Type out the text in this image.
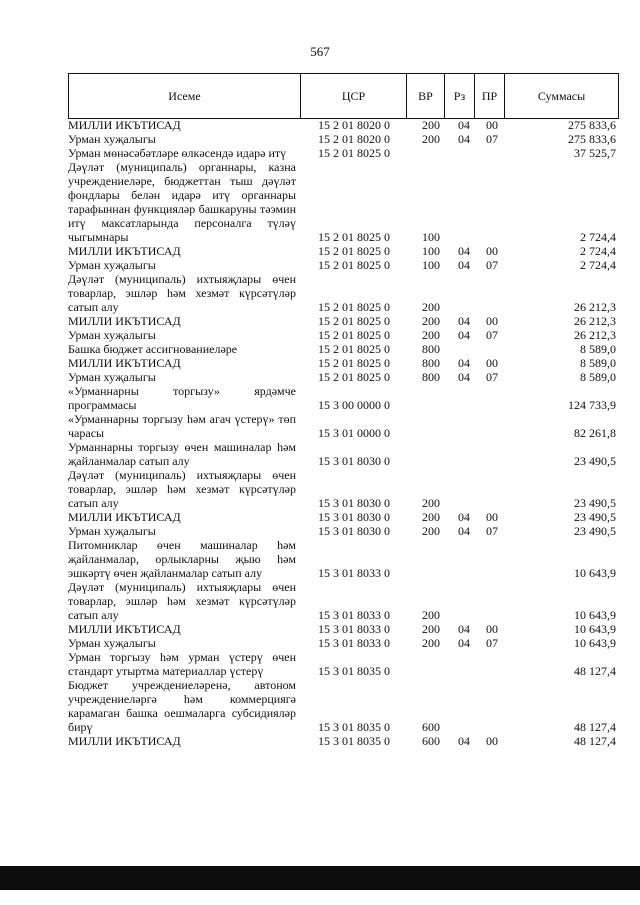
567
Исеме	ЦСР	ВР	Рз	ПР	Суммасы
МИЛЛИ ИКЪТИСАД	15 2 01 8020 0	200	04	00	275 833,6
Урман хуҗалыгы	15 2 01 8020 0	200	04	07	275 833,6
Урман мөнәсәбәтләре өлкәсендә идарә итү	15 2 01 8025 0				37 525,7
Дәүләт (муниципаль) органнары, казна учреждениеләре, бюджеттан тыш дәүләт фондлары белән идарә итү органнары тарафыннан функцияләр башкаруны тәэмин итү максатларында персоналга түләү чыгымнары	15 2 01 8025 0	100			2 724,4
МИЛЛИ ИКЪТИСАД	15 2 01 8025 0	100	04	00	2 724,4
Урман хуҗалыгы	15 2 01 8025 0	100	04	07	2 724,4
Дәүләт (муниципаль) ихтыяҗлары өчен товарлар, эшләр һәм хезмәт күрсәтүләр сатып алу	15 2 01 8025 0	200			26 212,3
МИЛЛИ ИКЪТИСАД	15 2 01 8025 0	200	04	00	26 212,3
Урман хуҗалыгы	15 2 01 8025 0	200	04	07	26 212,3
Башка бюджет ассигнованиеләре	15 2 01 8025 0	800			8 589,0
МИЛЛИ ИКЪТИСАД	15 2 01 8025 0	800	04	00	8 589,0
Урман хуҗалыгы	15 2 01 8025 0	800	04	07	8 589,0
«Урманнарны торгызу» ярдәмче программасы	15 3 00 0000 0				124 733,9
«Урманнарны торгызу һәм агач үстерү» төп чарасы	15 3 01 0000 0				82 261,8
Урманнарны торгызу өчен машиналар һәм җайланмалар сатып алу	15 3 01 8030 0				23 490,5
Дәүләт (муниципаль) ихтыяҗлары өчен товарлар, эшләр һәм хезмәт күрсәтүләр сатып алу	15 3 01 8030 0	200			23 490,5
МИЛЛИ ИКЪТИСАД	15 3 01 8030 0	200	04	00	23 490,5
Урман хуҗалыгы	15 3 01 8030 0	200	04	07	23 490,5
Питомниклар өчен машиналар һәм җайланмалар, орлыкларны җыю һәм эшкәртү өчен җайланмалар сатып алу	15 3 01 8033 0				10 643,9
Дәүләт (муниципаль) ихтыяҗлары өчен товарлар, эшләр һәм хезмәт күрсәтүләр сатып алу	15 3 01 8033 0	200			10 643,9
МИЛЛИ ИКЪТИСАД	15 3 01 8033 0	200	04	00	10 643,9
Урман хуҗалыгы	15 3 01 8033 0	200	04	07	10 643,9
Урман торгызу һәм урман үстерү өчен стандарт утыртма материаллар үстерү	15 3 01 8035 0				48 127,4
Бюджет учреждениеләренә, автоном учреждениеләргә һәм коммерциягә карамаган башка оешмаларга субсидияләр бирү	15 3 01 8035 0	600			48 127,4
МИЛЛИ ИКЪТИСАД	15 3 01 8035 0	600	04	00	48 127,4
